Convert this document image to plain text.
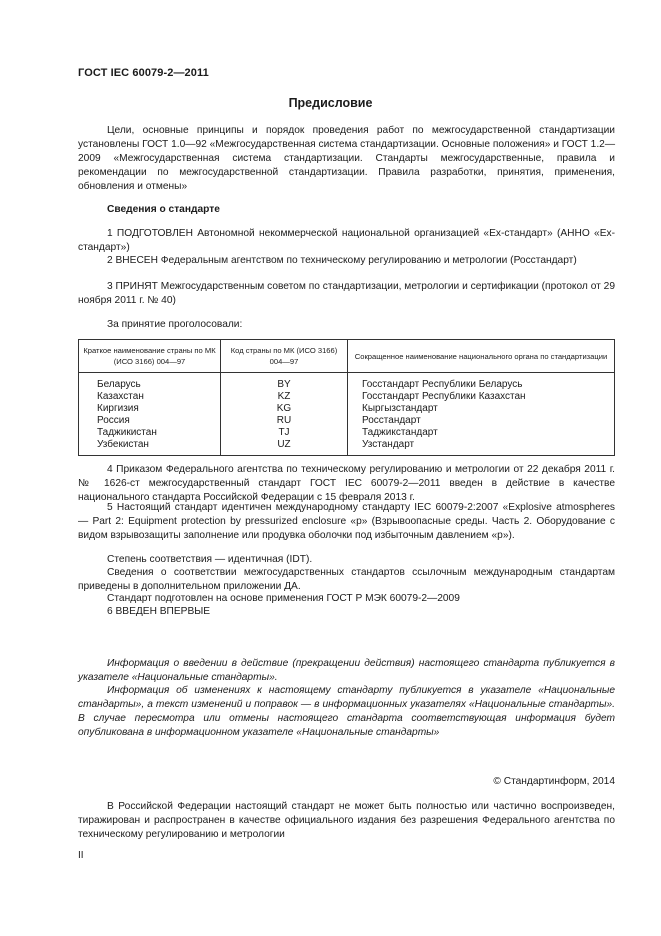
ГОСТ IEC 60079-2—2011
Предисловие
Цели, основные принципы и порядок проведения работ по межгосударственной стандартизации установлены ГОСТ 1.0—92 «Межгосударственная система стандартизации. Основные положения» и ГОСТ 1.2—2009 «Межгосударственная система стандартизации. Стандарты межгосударственные, правила и рекомендации по межгосударственной стандартизации. Правила разработки, принятия, применения, обновления и отмены»
Сведения о стандарте
1 ПОДГОТОВЛЕН Автономной некоммерческой национальной организацией «Ех-стандарт» (АННО «Ех-стандарт»)
2 ВНЕСЕН Федеральным агентством по техническому регулированию и метрологии (Росстандарт)
3 ПРИНЯТ Межгосударственным советом по стандартизации, метрологии и сертификации (протокол от 29 ноября 2011 г. № 40)
За принятие проголосовали:
Краткое наименование страны по МК (ИСО 3166) 004—97	Код страны по МК (ИСО 3166) 004—97	Сокращенное наименование национального органа по стандартизации
Беларусь	BY	Госстандарт Республики Беларусь
Казахстан	KZ	Госстандарт Республики Казахстан
Киргизия	KG	Кыргызстандарт
Россия	RU	Росстандарт
Таджикистан	TJ	Таджикстандарт
Узбекистан	UZ	Узстандарт
4 Приказом Федерального агентства по техническому регулированию и метрологии от 22 декабря 2011 г. № 1626-ст межгосударственный стандарт ГОСТ IEC 60079-2—2011 введен в действие в качестве национального стандарта Российской Федерации с 15 февраля 2013 г.
5 Настоящий стандарт идентичен международному стандарту IEC 60079-2:2007 «Explosive atmospheres — Part 2: Equipment protection by pressurized enclosure «p» (Взрывоопасные среды. Часть 2. Оборудование с видом взрывозащиты заполнение или продувка оболочки под избыточным давлением «p»).
Степень соответствия — идентичная (IDT).
Сведения о соответствии межгосударственных стандартов ссылочным международным стандартам приведены в дополнительном приложении ДА.
Стандарт подготовлен на основе применения ГОСТ Р МЭК 60079-2—2009
6 ВВЕДЕН ВПЕРВЫЕ
Информация о введении в действие (прекращении действия) настоящего стандарта публикуется в указателе «Национальные стандарты».
Информация об изменениях к настоящему стандарту публикуется в указателе «Национальные стандарты», а текст изменений и поправок — в информационных указателях «Национальные стандарты». В случае пересмотра или отмены настоящего стандарта соответствующая информация будет опубликована в информационном указателе «Национальные стандарты»
© Стандартинформ, 2014
В Российской Федерации настоящий стандарт не может быть полностью или частично воспроизведен, тиражирован и распространен в качестве официального издания без разрешения Федерального агентства по техническому регулированию и метрологии
II
